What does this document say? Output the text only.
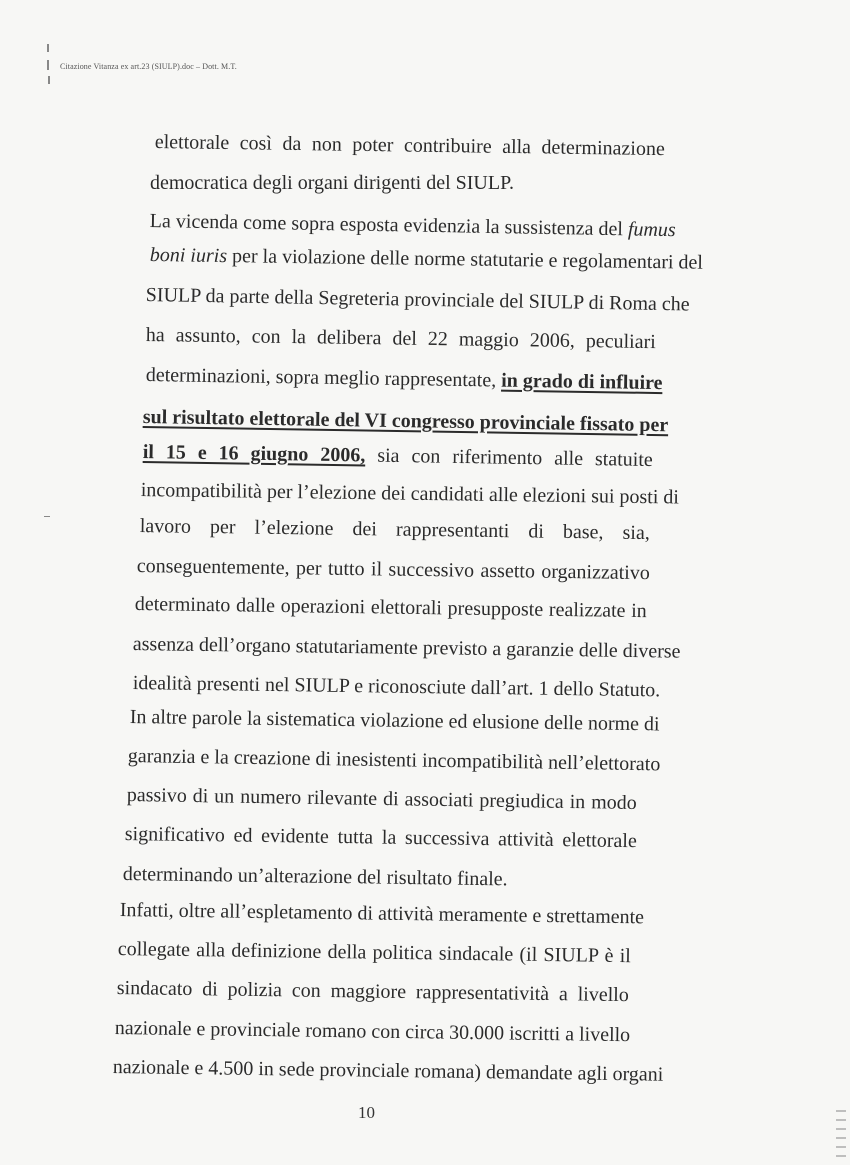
Citazione Vitanza ex art.23 (SIULP).doc – Dott. M.T.
elettorale così da non poter contribuire alla determinazione
democratica degli organi dirigenti del SIULP.
La vicenda come sopra esposta evidenzia la sussistenza del fumus
boni iuris per la violazione delle norme statutarie e regolamentari del
SIULP da parte della Segreteria provinciale del SIULP di Roma che
ha assunto, con la delibera del 22 maggio 2006, peculiari
determinazioni, sopra meglio rappresentate, in grado di influire
sul risultato elettorale del VI congresso provinciale fissato per
il 15 e 16 giugno 2006, sia con riferimento alle statuite
incompatibilità per l’elezione dei candidati alle elezioni sui posti di
lavoro per l’elezione dei rappresentanti di base, sia,
conseguentemente, per tutto il successivo assetto organizzativo
determinato dalle operazioni elettorali presupposte realizzate in
assenza dell’organo statutariamente previsto a garanzie delle diverse
idealità presenti nel SIULP e riconosciute dall’art. 1 dello Statuto.
In altre parole la sistematica violazione ed elusione delle norme di
garanzia e la creazione di inesistenti incompatibilità nell’elettorato
passivo di un numero rilevante di associati pregiudica in modo
significativo ed evidente tutta la successiva attività elettorale
determinando un’alterazione del risultato finale.
Infatti, oltre all’espletamento di attività meramente e strettamente
collegate alla definizione della politica sindacale (il SIULP è il
sindacato di polizia con maggiore rappresentatività a livello
nazionale e provinciale romano con circa 30.000 iscritti a livello
nazionale e 4.500 in sede provinciale romana) demandate agli organi
10
